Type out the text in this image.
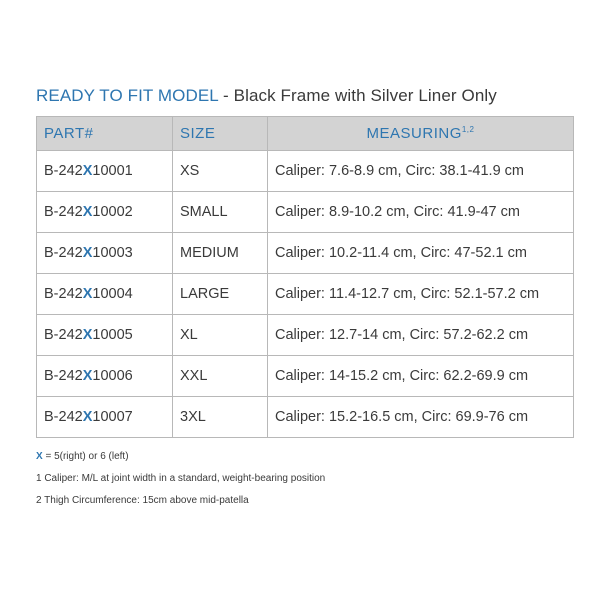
READY TO FIT MODEL - Black Frame with Silver Liner Only
PART#	SIZE	MEASURING$^{1,2}$
B-242X10001	XS	Caliper: 7.6-8.9 cm, Circ: 38.1-41.9 cm
B-242X10002	SMALL	Caliper: 8.9-10.2 cm, Circ: 41.9-47 cm
B-242X10003	MEDIUM	Caliper: 10.2-11.4 cm, Circ: 47-52.1 cm
B-242X10004	LARGE	Caliper: 11.4-12.7 cm, Circ: 52.1-57.2 cm
B-242X10005	XL	Caliper: 12.7-14 cm, Circ: 57.2-62.2 cm
B-242X10006	XXL	Caliper: 14-15.2 cm, Circ: 62.2-69.9 cm
B-242X10007	3XL	Caliper: 15.2-16.5 cm, Circ: 69.9-76 cm
X = 5(right) or 6 (left)
1 Caliper: M/L at joint width in a standard, weight-bearing position
2 Thigh Circumference: 15cm above mid-patella
